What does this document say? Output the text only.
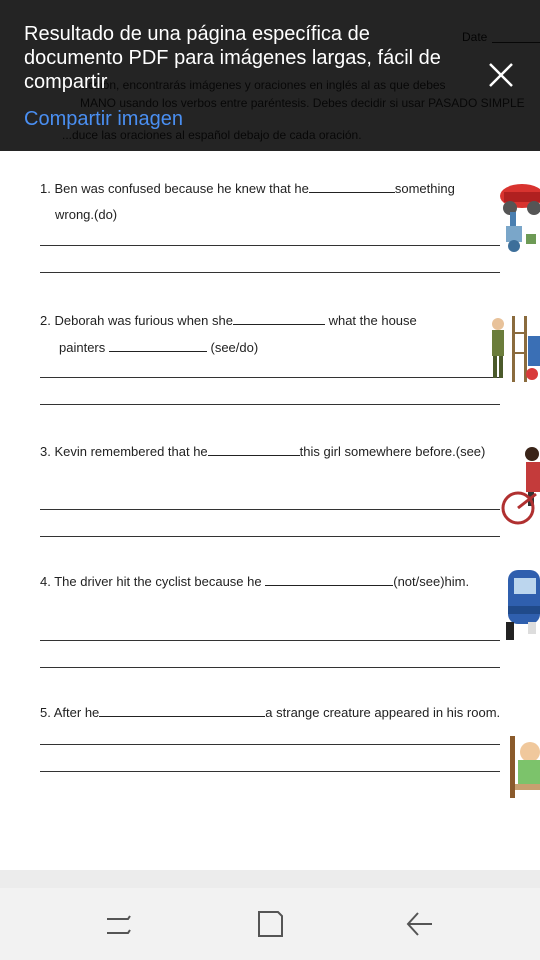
1. Ben was confused because he knew that he	something
wrong.(do)
2. Deborah was furious when she	what the house
painters	(see/do)
3. Kevin remembered that he	this girl somewhere before.(see)
4. The driver hit the cyclist because he	(not/see)him.
5. After he	a strange creature appeared in his room.
Resultado de una página específica de documento PDF para imágenes largas, fácil de compartir
Compartir imagen
